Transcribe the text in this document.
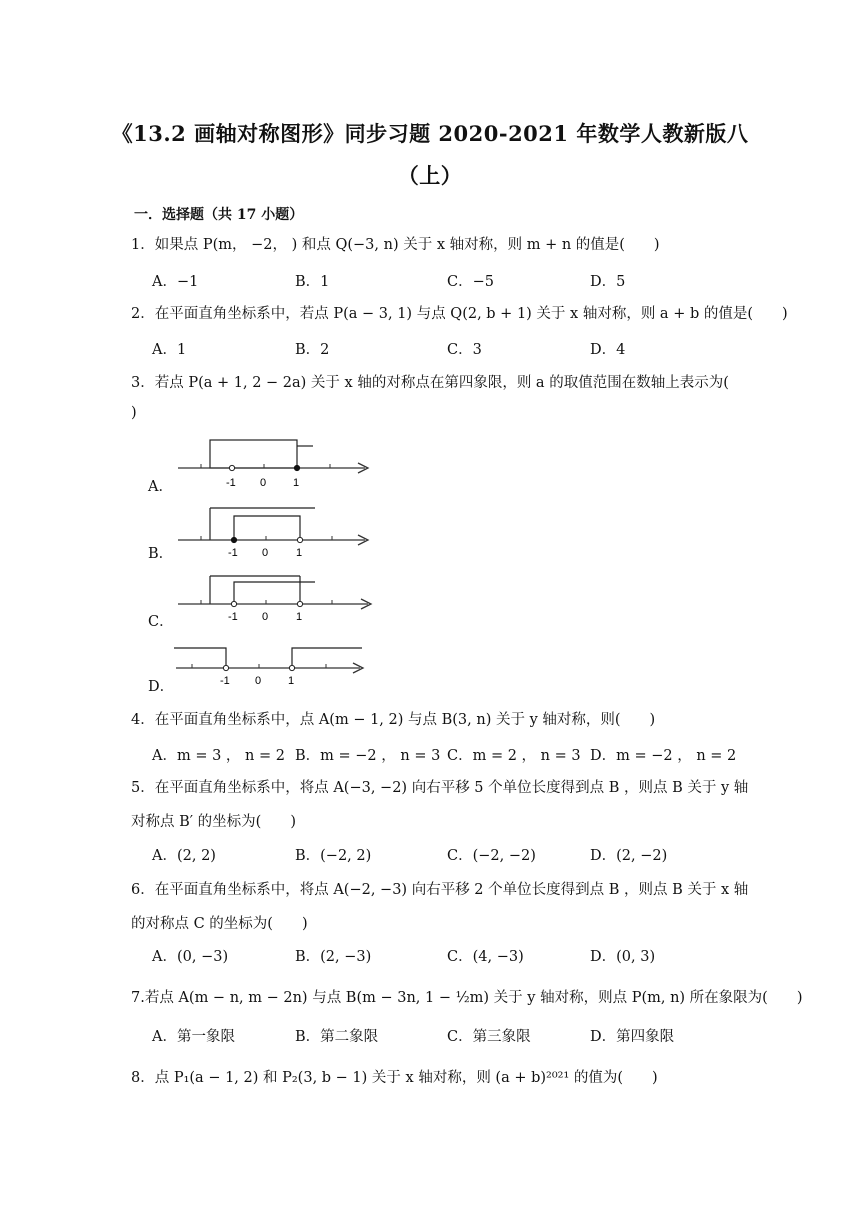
《13.2 画轴对称图形》同步习题 2020-2021 年数学人教新版八
（上）
一．选择题（共 17 小题）
1．如果点 P(m， −2， ) 和点 Q(−3, n) 关于 x 轴对称，则 m + n 的值是(　　)
A．−1	B．1	C．−5	D．5
2．在平面直角坐标系中，若点 P(a − 3, 1) 与点 Q(2, b + 1) 关于 x 轴对称，则 a + b 的值是(　　)
A．1	B．2	C．3	D．4
3．若点 P(a + 1, 2 − 2a) 关于 x 轴的对称点在第四象限，则 a 的取值范围在数轴上表示为(
)
A．	-1 0 1
B．	-1 0	1
C．	-1 0	1
D．	-1 0 1
4．在平面直角坐标系中，点 A(m − 1, 2) 与点 B(3, n) 关于 y 轴对称，则(　　)
A．m = 3 ， n = 2 B．m = −2 ， n = 3 C．m = 2 ， n = 3 D．m = −2 ， n = 2
5．在平面直角坐标系中，将点 A(−3, −2) 向右平移 5 个单位长度得到点 B ，则点 B 关于 y 轴
对称点 B′ 的坐标为(　　)
A．(2, 2)	B．(−2, 2)	C．(−2, −2)	D．(2, −2)
6．在平面直角坐标系中，将点 A(−2, −3) 向右平移 2 个单位长度得到点 B ，则点 B 关于 x 轴
的对称点 C 的坐标为(　　)
A．(0, −3)	B．(2, −3)	C．(4, −3)	D．(0, 3)
7.若点 A(m − n, m − 2n) 与点 B(m − 3n, 1 − ½m) 关于 y 轴对称，则点 P(m, n) 所在象限为(　　)
A．第一象限	B．第二象限	C．第三象限	D．第四象限
8．点 P₁(a − 1, 2) 和 P₂(3, b − 1) 关于 x 轴对称，则 (a + b)²⁰²¹ 的值为(　　)
